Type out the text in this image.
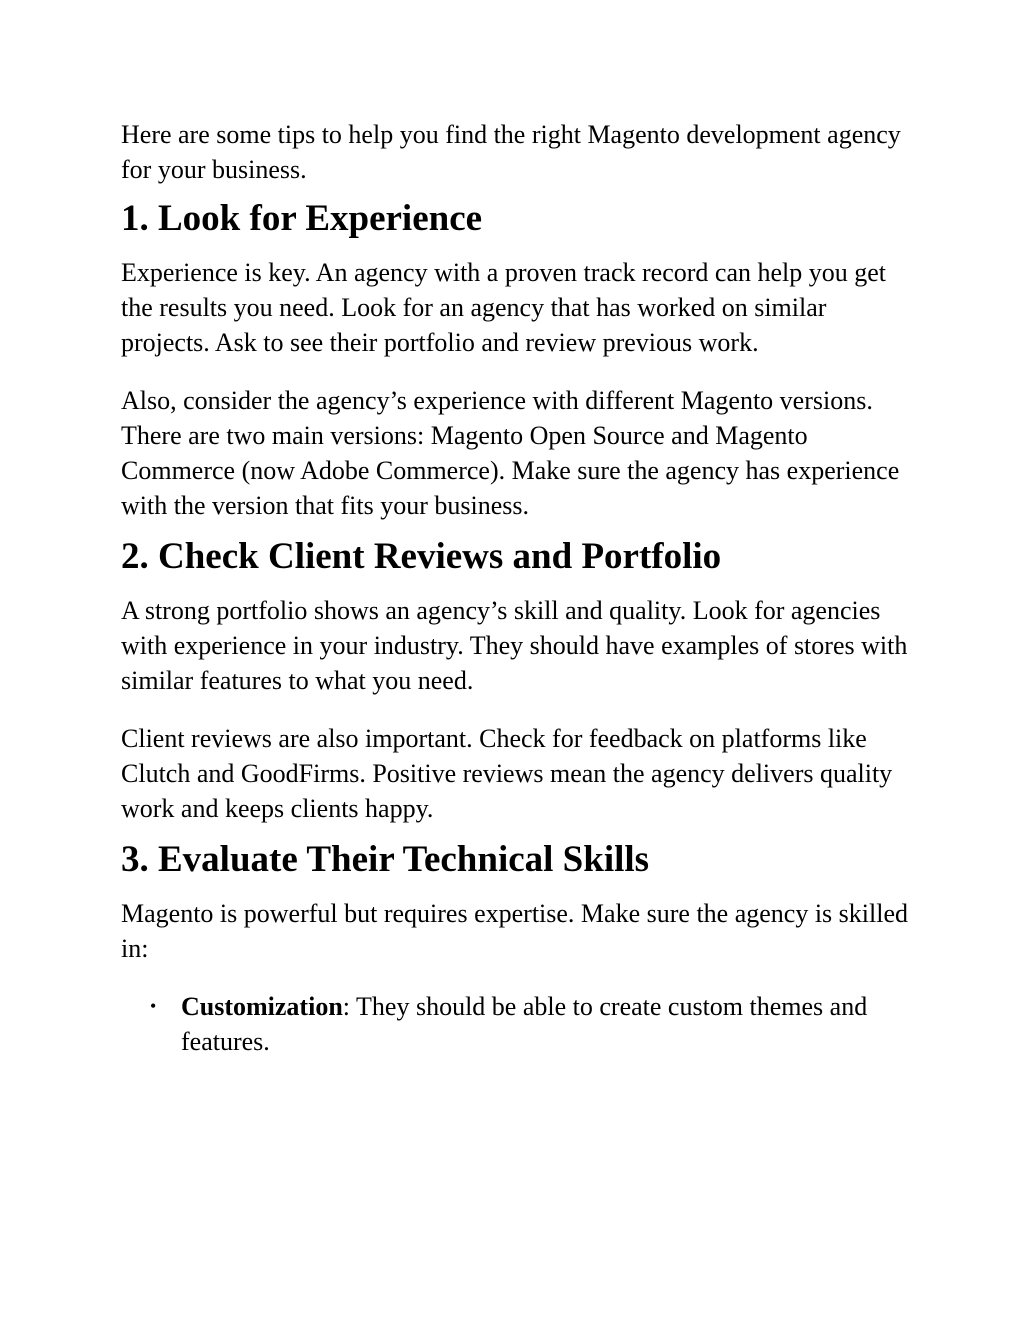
Here are some tips to help you find the right Magento development agency for your business.

1. Look for Experience

Experience is key. An agency with a proven track record can help you get the results you need. Look for an agency that has worked on similar projects. Ask to see their portfolio and review previous work.

Also, consider the agency’s experience with different Magento versions. There are two main versions: Magento Open Source and Magento Commerce (now Adobe Commerce). Make sure the agency has experience with the version that fits your business.

2. Check Client Reviews and Portfolio

A strong portfolio shows an agency’s skill and quality. Look for agencies with experience in your industry. They should have examples of stores with similar features to what you need.

Client reviews are also important. Check for feedback on platforms like Clutch and GoodFirms. Positive reviews mean the agency delivers quality work and keeps clients happy.

3. Evaluate Their Technical Skills

Magento is powerful but requires expertise. Make sure the agency is skilled in:

• Customization: They should be able to create custom themes and features.
